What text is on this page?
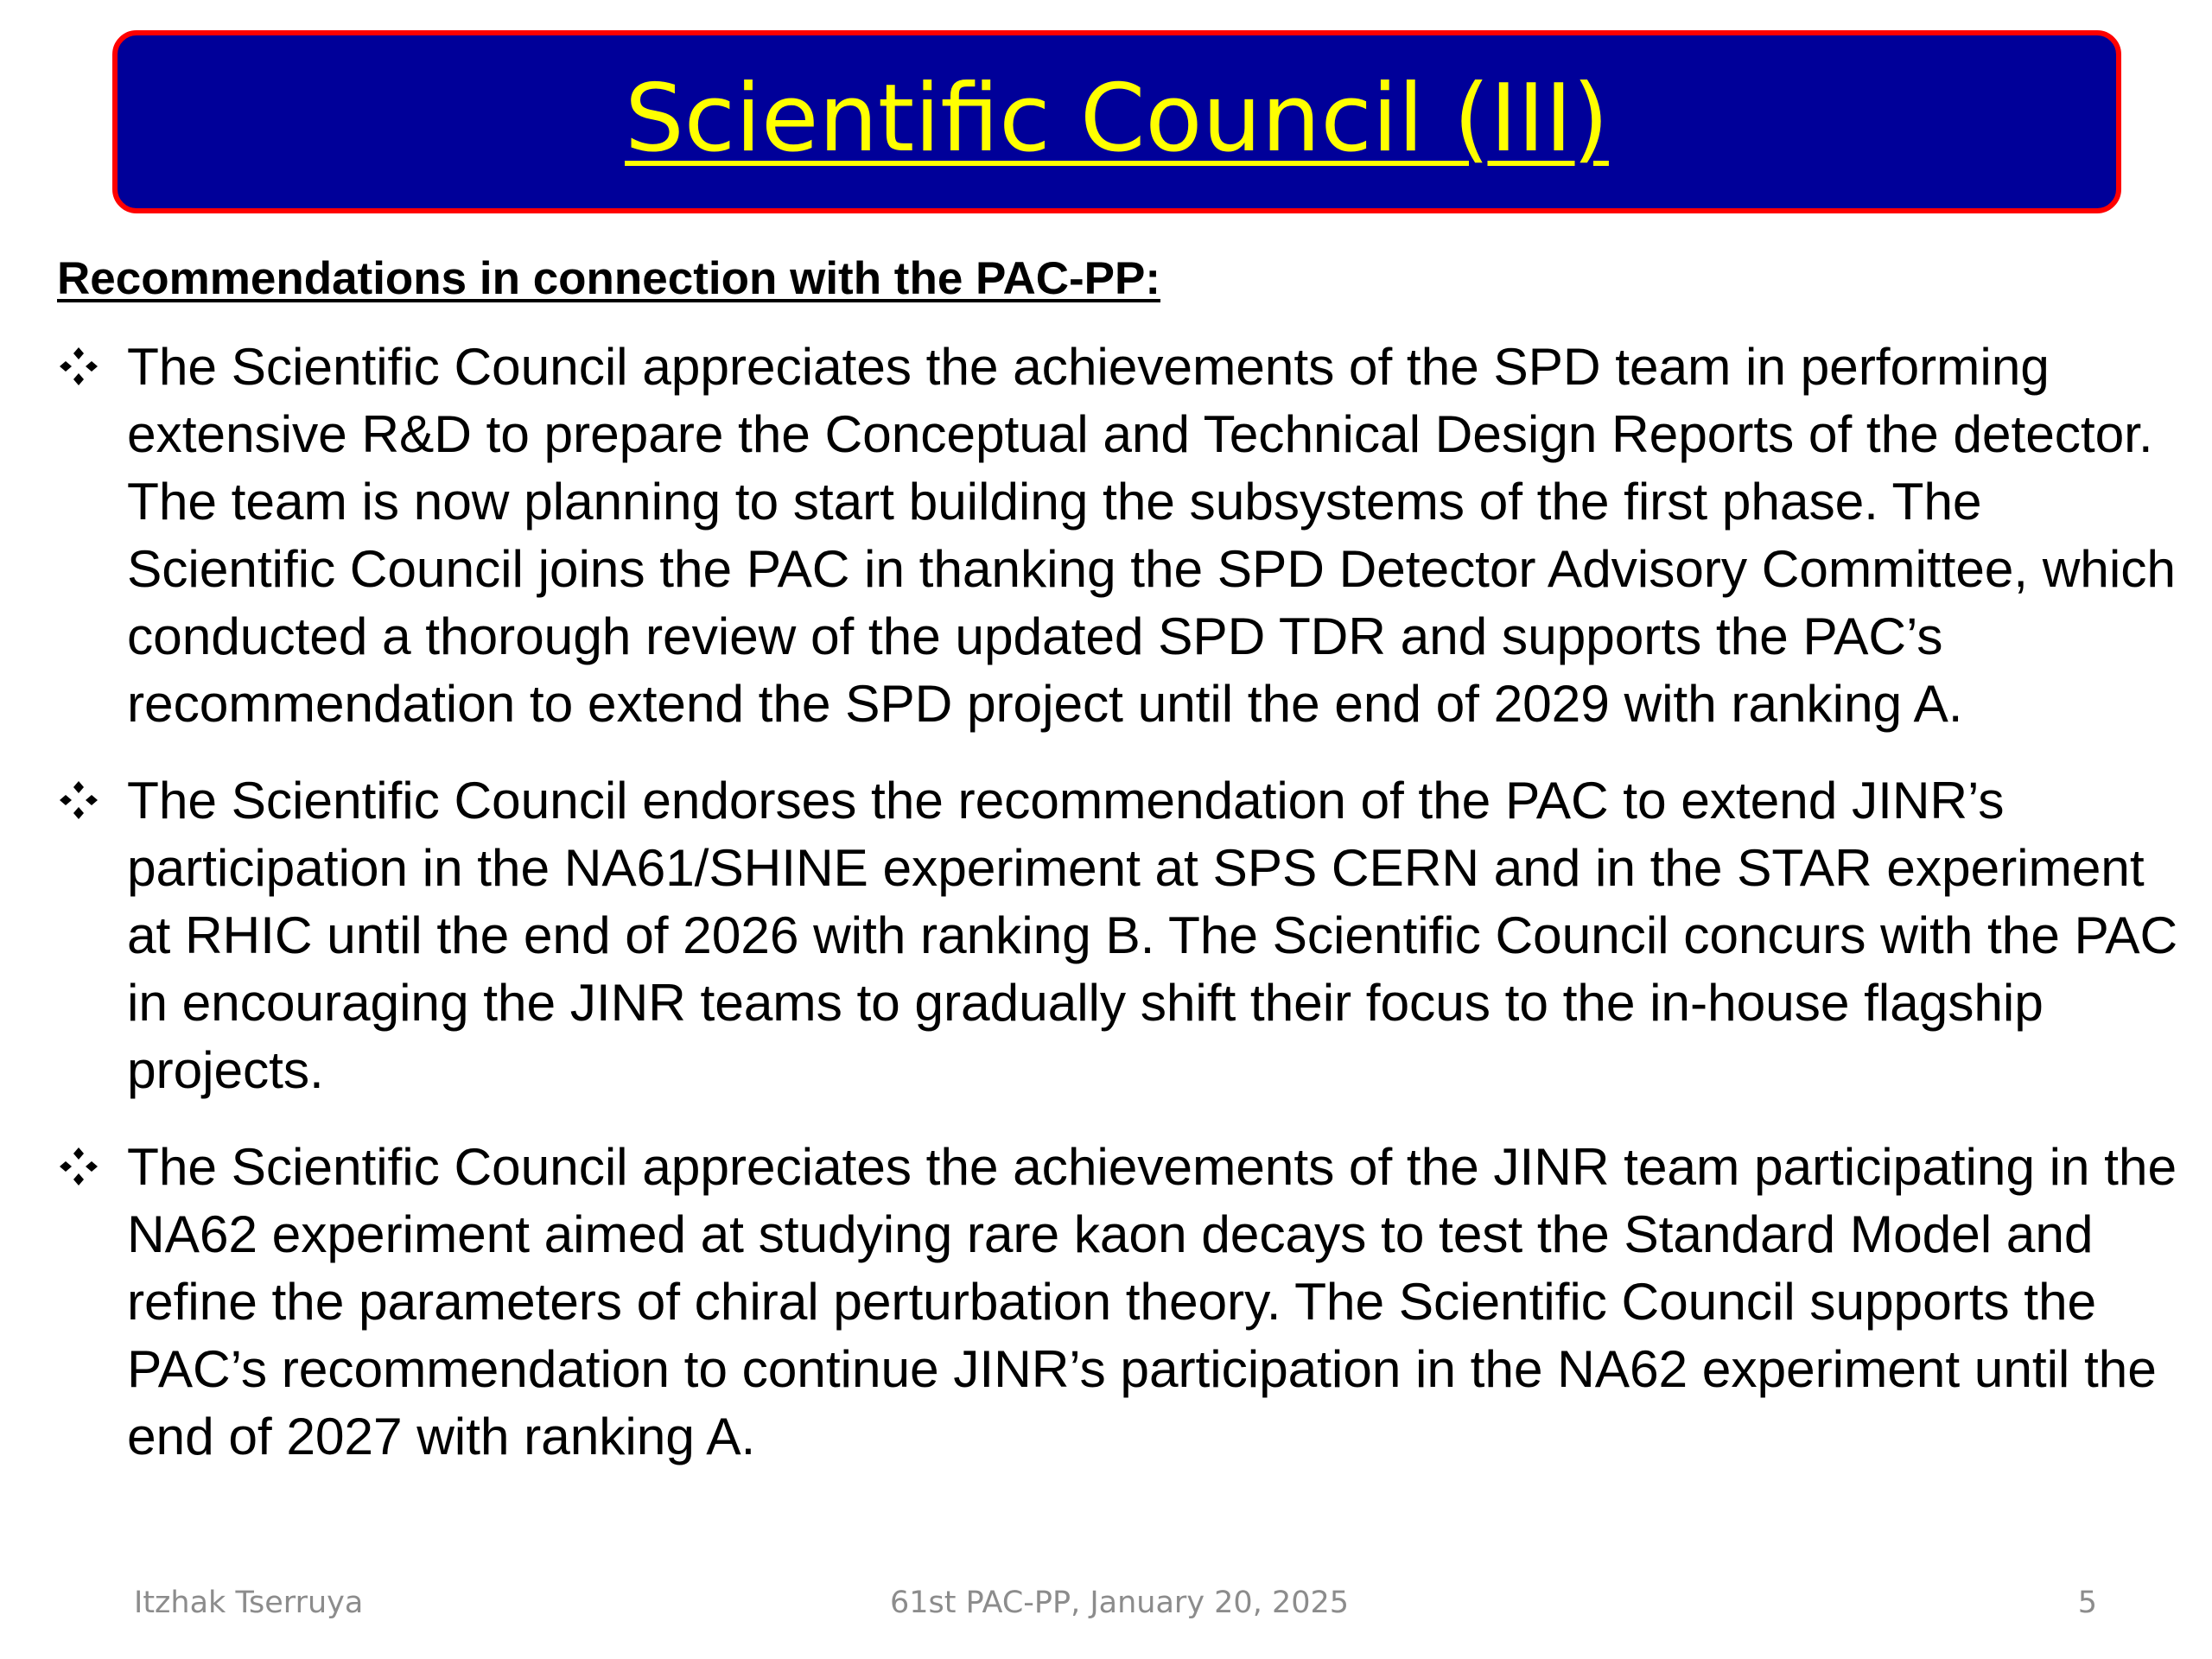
Scientific Council (III)
Recommendations in connection with the PAC-PP:
The Scientific Council appreciates the achievements of the SPD team in performing extensive R&D to prepare the Conceptual and Technical Design Reports of the detector. The team is now planning to start building the subsystems of the first phase. The Scientific Council joins the PAC in thanking the SPD Detector Advisory Committee, which conducted a thorough review of the updated SPD TDR and supports the PAC’s recommendation to extend the SPD project until the end of 2029 with ranking A.
The Scientific Council endorses the recommendation of the PAC to extend JINR’s participation in the NA61/SHINE experiment at SPS CERN and in the STAR experiment at RHIC until the end of 2026 with ranking B. The Scientific Council concurs with the PAC in encouraging the JINR teams to gradually shift their focus to the in-house flagship projects.
The Scientific Council appreciates the achievements of the JINR team participating in the NA62 experiment aimed at studying rare kaon decays to test the Standard Model and refine the parameters of chiral perturbation theory. The Scientific Council supports the PAC’s recommendation to continue JINR’s participation in the NA62 experiment until the end of 2027 with ranking A.
Itzhak Tserruya	61st PAC-PP, January 20, 2025	5
